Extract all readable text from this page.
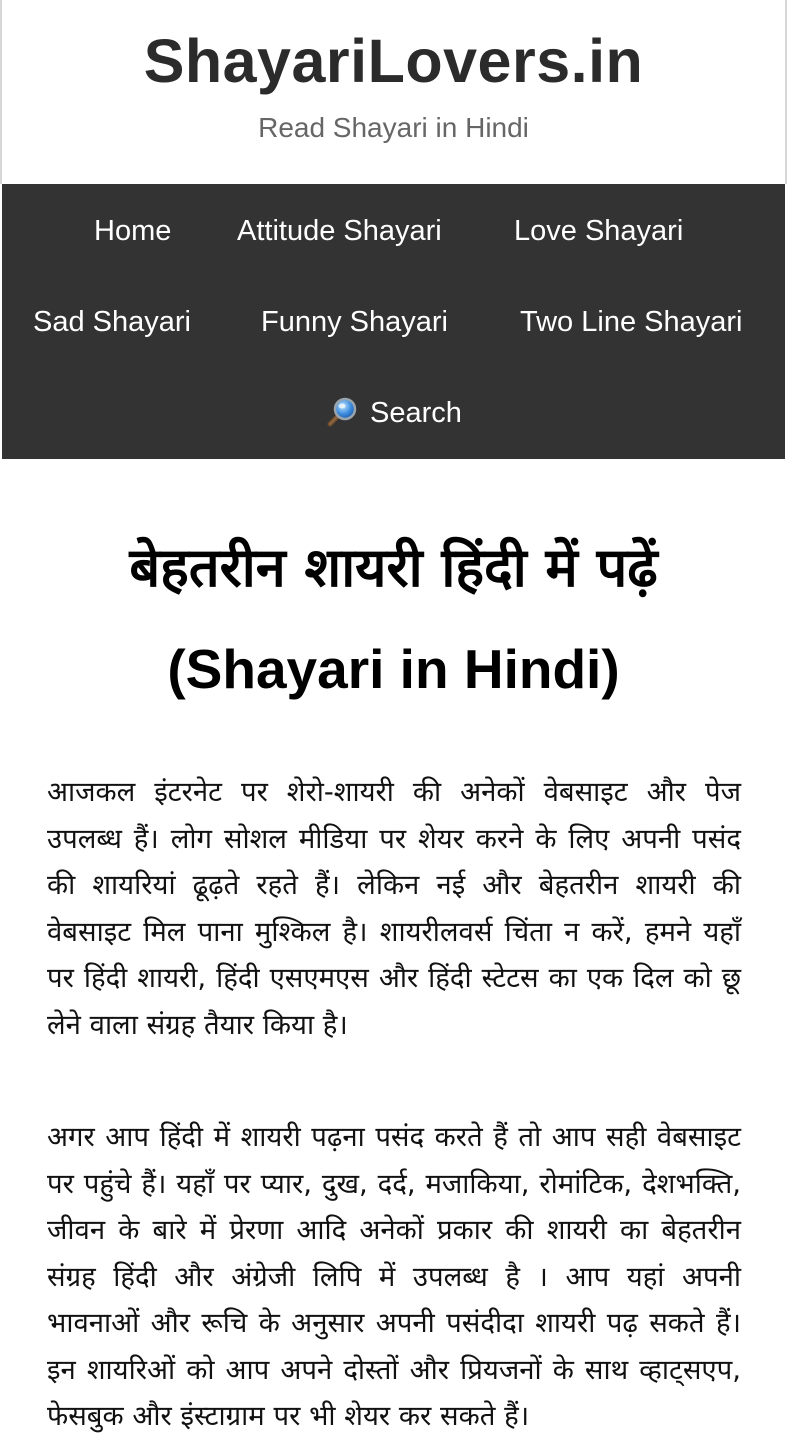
ShayariLovers.in
Read Shayari in Hindi
Home Attitude Shayari Love Shayari
Sad Shayari Funny Shayari Two Line Shayari
Search
बेहतरीन शायरी हिंदी में पढ़ें
(Shayari in Hindi)

आजकल इंटरनेट पर शेरो-शायरी की अनेकों वेबसाइट और पेज उपलब्ध हैं। लोग सोशल मीडिया पर शेयर करने के लिए अपनी पसंद की शायरियां ढूढ़ते रहते हैं। लेकिन नई और बेहतरीन शायरी की वेबसाइट मिल पाना मुश्किल है। शायरीलवर्स चिंता न करें, हमने यहाँ पर हिंदी शायरी, हिंदी एसएमएस और हिंदी स्टेटस का एक दिल को छू लेने वाला संग्रह तैयार किया है।

अगर आप हिंदी में शायरी पढ़ना पसंद करते हैं तो आप सही वेबसाइट पर पहुंचे हैं। यहाँ पर प्यार, दुख, दर्द, मजाकिया, रोमांटिक, देशभक्ति, जीवन के बारे में प्रेरणा आदि अनेकों प्रकार की शायरी का बेहतरीन संग्रह हिंदी और अंग्रेजी लिपि में उपलब्ध है । आप यहां अपनी भावनाओं और रूचि के अनुसार अपनी पसंदीदा शायरी पढ़ सकते हैं। इन शायरिओं को आप अपने दोस्तों और प्रियजनों के साथ व्हाट्सएप, फेसबुक और इंस्टाग्राम पर भी शेयर कर सकते हैं।
